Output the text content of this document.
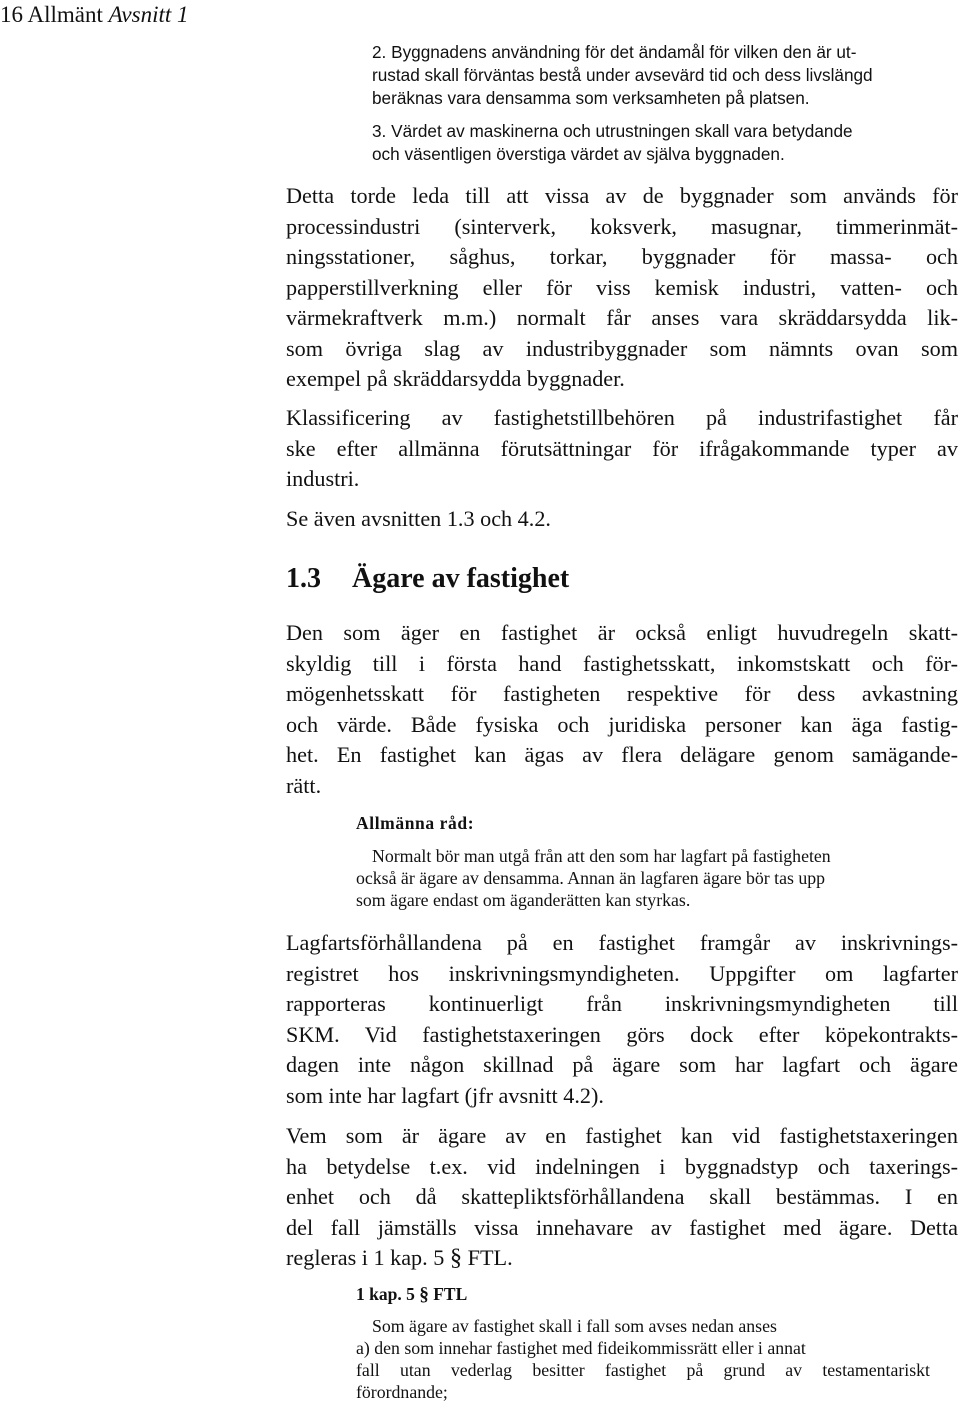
16 Allmänt Avsnitt 1
2. Byggnadens användning för det ändamål för vilken den är ut-
rustad skall förväntas bestå under avsevärd tid och dess livslängd
beräknas vara densamma som verksamheten på platsen.
3. Värdet av maskinerna och utrustningen skall vara betydande
och väsentligen överstiga värdet av själva byggnaden.
Detta torde leda till att vissa av de byggnader som används för
processindustri (sinterverk, koksverk, masugnar, timmerinmät-
ningsstationer, såghus, torkar, byggnader för massa- och
papperstillverkning eller för viss kemisk industri, vatten- och
värmekraftverk m.m.) normalt får anses vara skräddarsydda lik-
som övriga slag av industribyggnader som nämnts ovan som
exempel på skräddarsydda byggnader.
Klassificering av fastighetstillbehören på industrifastighet får
ske efter allmänna förutsättningar för ifrågakommande typer av
industri.
Se även avsnitten 1.3 och 4.2.
1.3 Ägare av fastighet
Den som äger en fastighet är också enligt huvudregeln skatt-
skyldig till i första hand fastighetsskatt, inkomstskatt och för-
mögenhetsskatt för fastigheten respektive för dess avkastning
och värde. Både fysiska och juridiska personer kan äga fastig-
het. En fastighet kan ägas av flera delägare genom samägande-
rätt.
Allmänna råd:
Normalt bör man utgå från att den som har lagfart på fastigheten
också är ägare av densamma. Annan än lagfaren ägare bör tas upp
som ägare endast om äganderätten kan styrkas.
Lagfartsförhållandena på en fastighet framgår av inskrivnings-
registret hos inskrivningsmyndigheten. Uppgifter om lagfarter
rapporteras kontinuerligt från inskrivningsmyndigheten till
SKM. Vid fastighetstaxeringen görs dock efter köpekontrakts-
dagen inte någon skillnad på ägare som har lagfart och ägare
som inte har lagfart (jfr avsnitt 4.2).
Vem som är ägare av en fastighet kan vid fastighetstaxeringen
ha betydelse t.ex. vid indelningen i byggnadstyp och taxerings-
enhet och då skattepliktsförhållandena skall bestämmas. I en
del fall jämställs vissa innehavare av fastighet med ägare. Detta
regleras i 1 kap. 5 § FTL.
1 kap. 5 § FTL
Som ägare av fastighet skall i fall som avses nedan anses
a) den som innehar fastighet med fideikommissrätt eller i annat
fall utan vederlag besitter fastighet på grund av testamentariskt
förordnande;
